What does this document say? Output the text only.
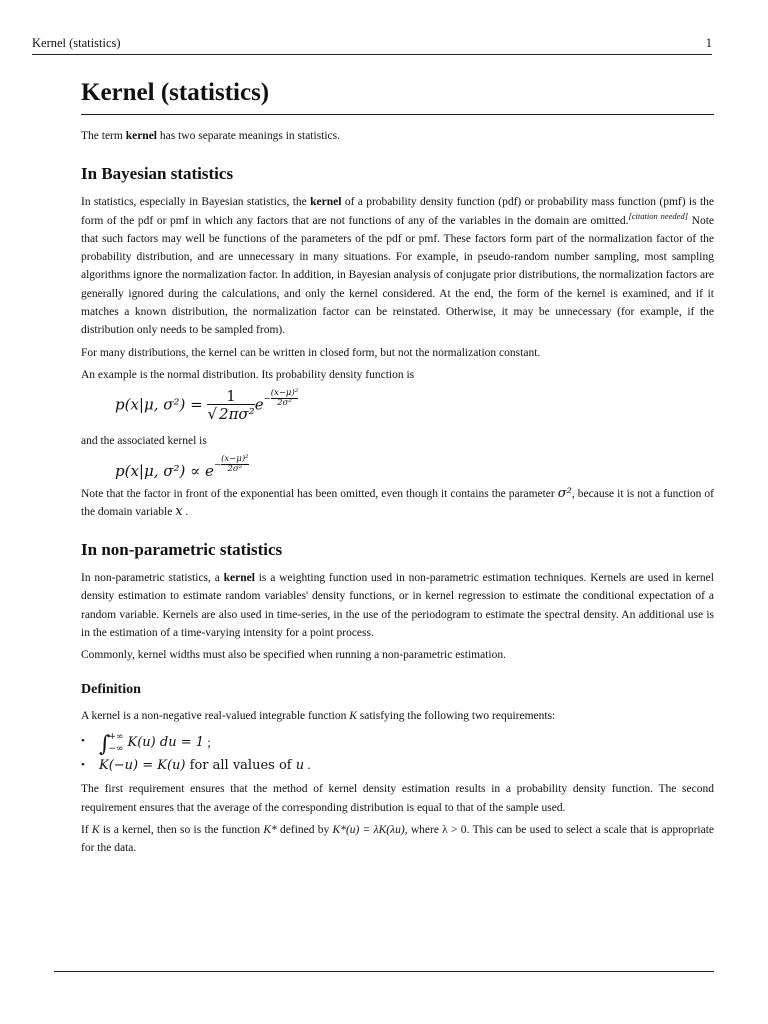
Kernel (statistics)	1
Kernel (statistics)

The term kernel has two separate meanings in statistics.

In Bayesian statistics

In statistics, especially in Bayesian statistics, the kernel of a probability density function (pdf) or probability mass function (pmf) is the form of the pdf or pmf in which any factors that are not functions of any of the variables in the domain are omitted.[citation needed] Note that such factors may well be functions of the parameters of the pdf or pmf. These factors form part of the normalization factor of the probability distribution, and are unnecessary in many situations. For example, in pseudo-random number sampling, most sampling algorithms ignore the normalization factor. In addition, in Bayesian analysis of conjugate prior distributions, the normalization factors are generally ignored during the calculations, and only the kernel considered. At the end, the form of the kernel is examined, and if it matches a known distribution, the normalization factor can be reinstated. Otherwise, it may be unnecessary (for example, if the distribution only needs to be sampled from).

For many distributions, the kernel can be written in closed form, but not the normalization constant.

An example is the normal distribution. Its probability density function is

p(x|μ, $\sigma^2) = \frac{1}{\text{√ 2πσ²}} e- \frac{\text{(x−μ)²}}{\text{2σ²}}$

and the associated kernel is

p(x|μ, $\sigma^2) \propto e- \frac{\text{(x−μ)²}}{\text{2σ²}}$

Note that the factor in front of the exponential has been omitted, even though it contains the parameter σ², because it is not a function of the domain variable x .

In non-parametric statistics

In non-parametric statistics, a kernel is a weighting function used in non-parametric estimation techniques. Kernels are used in kernel density estimation to estimate random variables' density functions, or in kernel regression to estimate the conditional expectation of a random variable. Kernels are also used in time-series, in the use of the periodogram to estimate the spectral density. An additional use is in the estimation of a time-varying intensity for a point process.

Commonly, kernel widths must also be specified when running a non-parametric estimation.

Definition

A kernel is a non-negative real-valued integrable function K satisfying the following two requirements:

• ∫
+∞
−∞ K(u) du = 1 ;
• K(−u) = K(u) for all values of u .

The first requirement ensures that the method of kernel density estimation results in a probability density function. The second requirement ensures that the average of the corresponding distribution is equal to that of the sample used.

If K is a kernel, then so is the function K* defined by K*(u) = λK(λu), where λ > 0. This can be used to select a scale that is appropriate for the data.
